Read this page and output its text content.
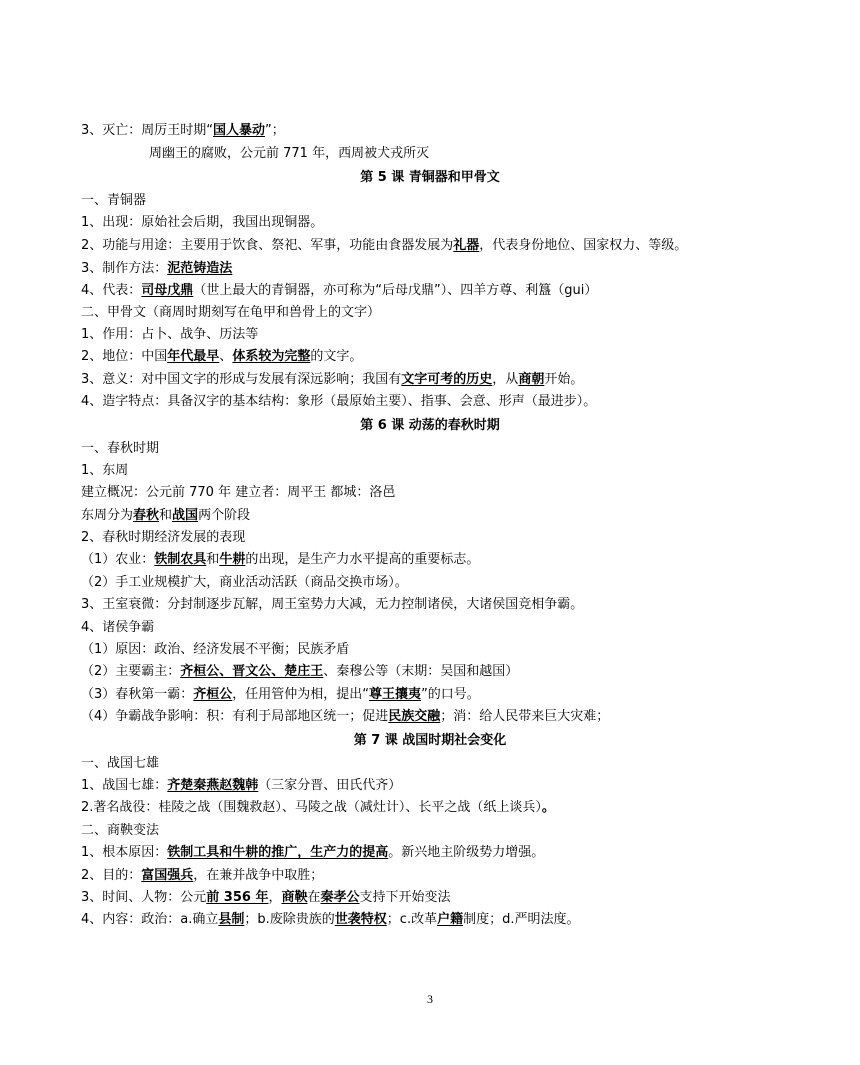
3、灭亡：周厉王时期“国人暴动”；
周幽王的腐败，公元前 771 年，西周被犬戎所灭
第 5 课 青铜器和甲骨文
一、青铜器
1、出现：原始社会后期，我国出现铜器。
2、功能与用途：主要用于饮食、祭祀、军事，功能由食器发展为礼器，代表身份地位、国家权力、等级。
3、制作方法：泥范铸造法
4、代表：司母戊鼎（世上最大的青铜器，亦可称为“后母戊鼎”）、四羊方尊、利簋（gui）
二、甲骨文（商周时期刻写在龟甲和兽骨上的文字）
1、作用：占卜、战争、历法等
2、地位：中国年代最早、体系较为完整的文字。
3、意义：对中国文字的形成与发展有深远影响；我国有文字可考的历史，从商朝开始。
4、造字特点：具备汉字的基本结构：象形（最原始主要）、指事、会意、形声（最进步）。
第 6 课 动荡的春秋时期
一、春秋时期
1、东周
建立概况：公元前 770 年 建立者：周平王 都城：洛邑
东周分为春秋和战国两个阶段
2、春秋时期经济发展的表现
（1）农业：铁制农具和牛耕的出现，是生产力水平提高的重要标志。
（2）手工业规模扩大，商业活动活跃（商品交换市场）。
3、王室衰微：分封制逐步瓦解，周王室势力大减，无力控制诸侯，大诸侯国竞相争霸。
4、诸侯争霸
（1）原因：政治、经济发展不平衡；民族矛盾
（2）主要霸主：齐桓公、晋文公、楚庄王、秦穆公等（末期：吴国和越国）
（3）春秋第一霸：齐桓公，任用管仲为相，提出“尊王攘夷”的口号。
（4）争霸战争影响：积：有利于局部地区统一；促进民族交融；消：给人民带来巨大灾难；
第 7 课 战国时期社会变化
一、战国七雄
1、战国七雄：齐楚秦燕赵魏韩（三家分晋、田氏代齐）
2.著名战役：桂陵之战（围魏救赵）、马陵之战（减灶计）、长平之战（纸上谈兵）。
二、商鞅变法
1、根本原因：铁制工具和牛耕的推广，生产力的提高。新兴地主阶级势力增强。
2、目的：富国强兵，在兼并战争中取胜；
3、时间、人物：公元前 356 年，商鞅在秦孝公支持下开始变法
4、内容：政治：a.确立县制；b.废除贵族的世袭特权；c.改革户籍制度；d.严明法度。
3
